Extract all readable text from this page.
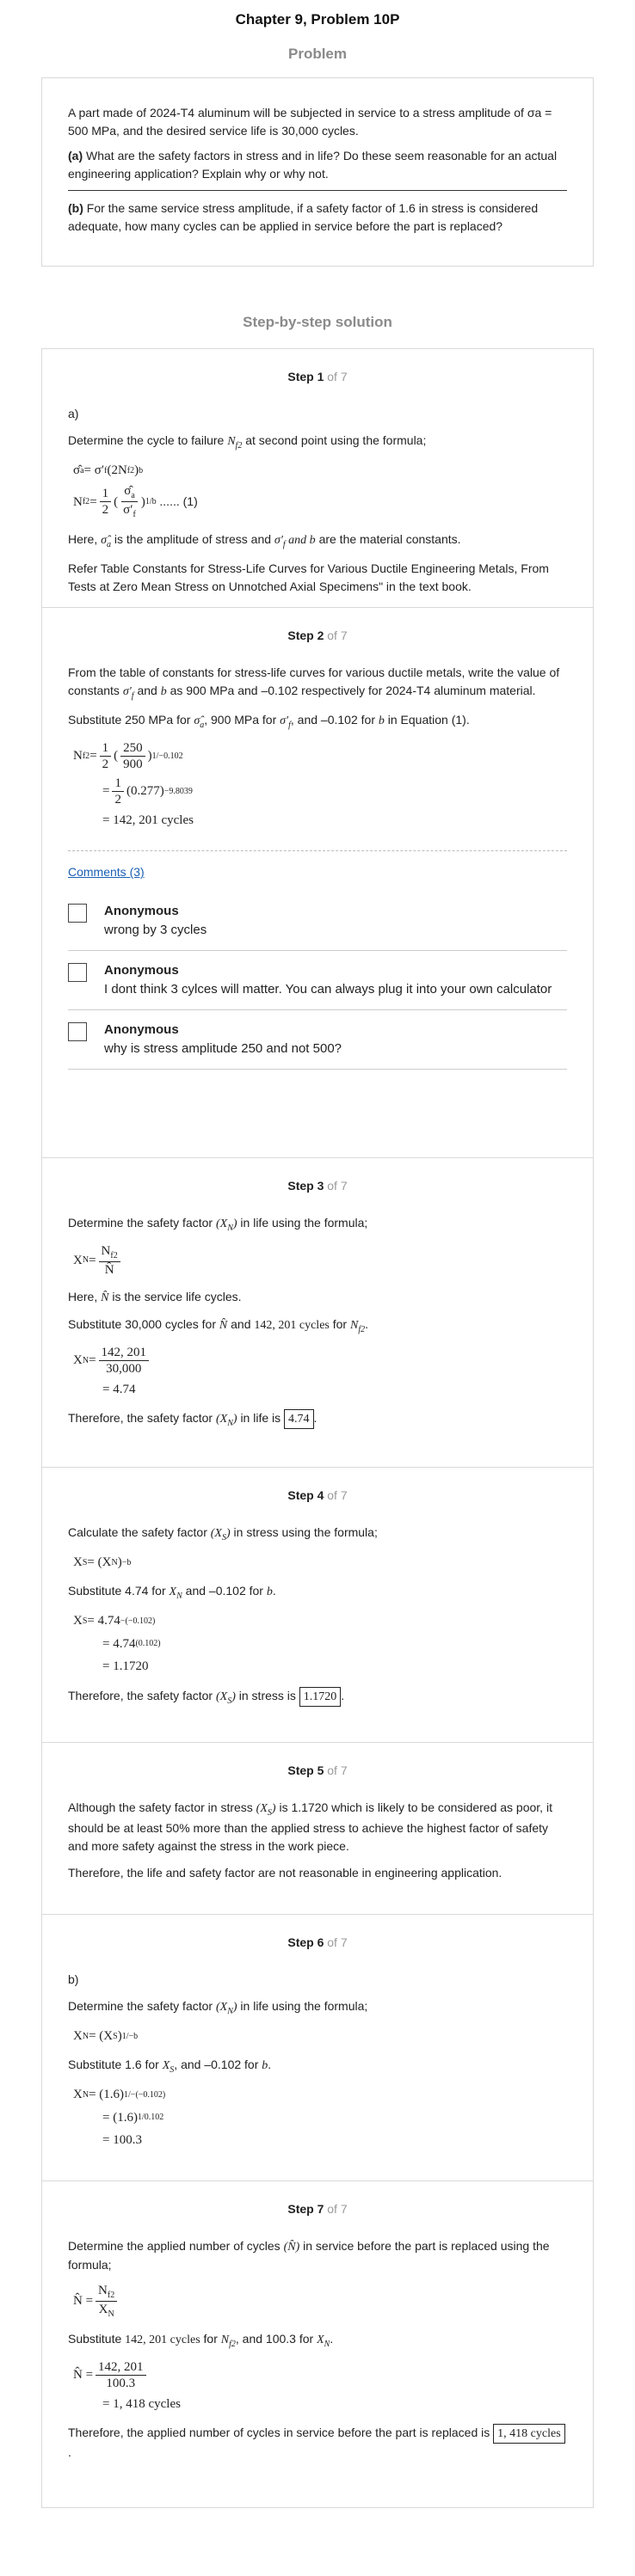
Chapter 9, Problem 10P
Problem

A part made of 2024-T4 aluminum will be subjected in service to a stress amplitude of σa = 500 MPa, and the desired service life is 30,000 cycles.

(a) What are the safety factors in stress and in life? Do these seem reasonable for an actual engineering application? Explain why or why not.

(b) For the same service stress amplitude, if a safety factor of 1.6 in stress is considered adequate, how many cycles can be applied in service before the part is replaced?

Step-by-step solution
Step 1 of 7

a)

Determine the cycle to failure $N_{f2}$ at second point using the formula;

σ̂ a = σ′ f (2N f2 ) b
N $f2 = \frac{1}{2}$ ( $\frac{\sigmâ_a}{\sigma'_f}$ ) 1/b
...... (1)

Here, $\sigmâ_a$ is the amplitude of stress and $\sigma'_f$ and b are the material constants.

Refer Table Constants for Stress-Life Curves for Various Ductile Engineering Metals, From Tests at Zero Mean Stress on Unnotched Axial Specimens" in the text book.

Step 2 of 7

From the table of constants for stress-life curves for various ductile metals, write the value of constants $\sigma'_f$ and b as 900 MPa and –0.102 respectively for 2024-T4 aluminum material.

Substitute 250 MPa for $\sigmâ_a$, 900 MPa for $\sigma'_f$, and –0.102 for b in Equation (1).

N $f2 = \frac{1}{2}$ ( $\frac{250}{900}$ ) 1/−0.102
= $\frac{1}{2} (0.277) -9.8039$
= 142, 201 cycles
Comments (3)
Anonymous
wrong by 3 cycles
Anonymous
I dont think 3 cylces will matter. You can always plug it into your own calculator
Anonymous
why is stress amplitude 250 and not 500?
Step 3 of 7

Determine the safety factor $(X_N)$ in life using the formula;

X $N = \frac{N_{f2}}{N̂}$

Here, N̂ is the service life cycles.

Substitute 30,000 cycles for N̂ and 142, 201 cycles for $N_{f2}$.

X $N = \frac{142, 201}{30,000}$
= 4.74

Therefore, the safety factor $(X_N)$ in life is 4.74 .

Step 4 of 7

Calculate the safety factor $(X_S)$ in stress using the formula;

X S = (X N ) −b

Substitute 4.74 for $X_N$ and –0.102 for b.

X S = 4.74 −(−0.102)
= 4.74 (0.102)
= 1.1720

Therefore, the safety factor $(X_S)$ in stress is 1.1720 .

Step 5 of 7

Although the safety factor in stress $(X_S)$ is 1.1720 which is likely to be considered as poor, it should be at least 50% more than the applied stress to achieve the highest factor of safety and more safety against the stress in the work piece.

Therefore, the life and safety factor are not reasonable in engineering application.

Step 6 of 7

b)

Determine the safety factor $(X_N)$ in life using the formula;

X N = (X S ) 1/−b

Substitute 1.6 for $X_S$, and –0.102 for b.

X N = (1.6) 1/−(−0.102)
= (1.6) 1/0.102
= 100.3
Step 7 of 7

Determine the applied number of cycles (N̂) in service before the part is replaced using the formula;

N̂ = $\frac{N_{f2}}{X_N}$

Substitute 142, 201 cycles for $N_{f2}$, and 100.3 for $X_N$.

N̂ = $\frac{142, 201}{100.3}$
= 1, 418 cycles

Therefore, the applied number of cycles in service before the part is replaced is 1, 418 cycles.
